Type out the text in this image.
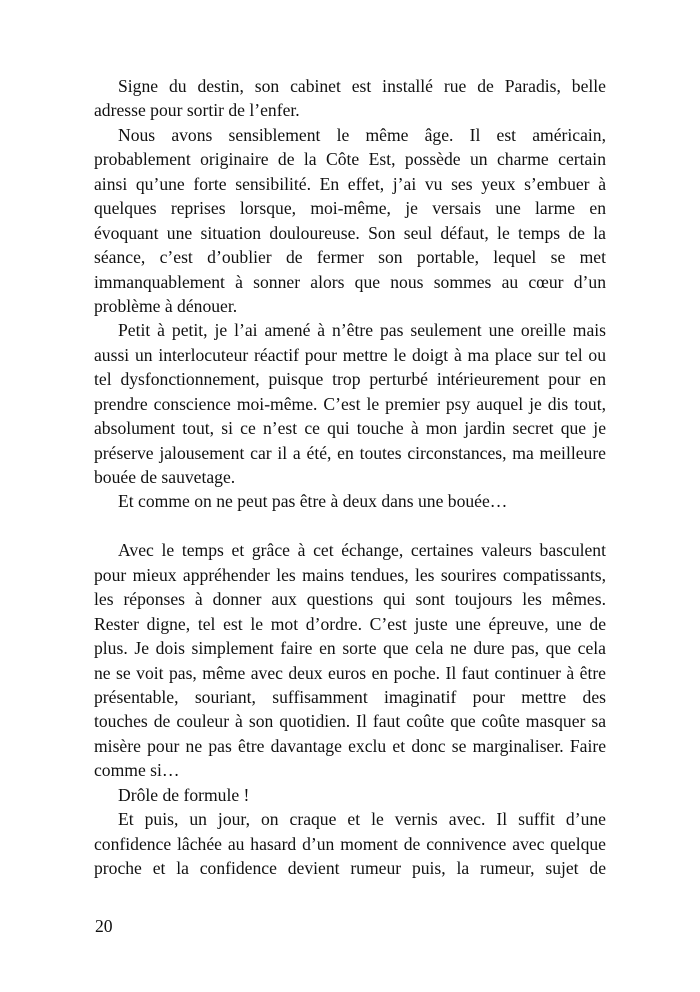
Signe du destin, son cabinet est installé rue de Paradis, belle
adresse pour sortir de l’enfer.
Nous avons sensiblement le même âge. Il est américain,
probablement originaire de la Côte Est, possède un charme certain
ainsi qu’une forte sensibilité. En effet, j’ai vu ses yeux s’embuer à
quelques reprises lorsque, moi-même, je versais une larme en
évoquant une situation douloureuse. Son seul défaut, le temps de la
séance, c’est d’oublier de fermer son portable, lequel se met
immanquablement à sonner alors que nous sommes au cœur d’un
problème à dénouer.
Petit à petit, je l’ai amené à n’être pas seulement une oreille mais
aussi un interlocuteur réactif pour mettre le doigt à ma place sur tel ou
tel dysfonctionnement, puisque trop perturbé intérieurement pour en
prendre conscience moi-même. C’est le premier psy auquel je dis tout,
absolument tout, si ce n’est ce qui touche à mon jardin secret que je
préserve jalousement car il a été, en toutes circonstances, ma meilleure
bouée de sauvetage.
Et comme on ne peut pas être à deux dans une bouée…
Avec le temps et grâce à cet échange, certaines valeurs basculent
pour mieux appréhender les mains tendues, les sourires compatissants,
les réponses à donner aux questions qui sont toujours les mêmes.
Rester digne, tel est le mot d’ordre. C’est juste une épreuve, une de
plus. Je dois simplement faire en sorte que cela ne dure pas, que cela
ne se voit pas, même avec deux euros en poche. Il faut continuer à être
présentable, souriant, suffisamment imaginatif pour mettre des
touches de couleur à son quotidien. Il faut coûte que coûte masquer sa
misère pour ne pas être davantage exclu et donc se marginaliser. Faire
comme si…
Drôle de formule !
Et puis, un jour, on craque et le vernis avec. Il suffit d’une
confidence lâchée au hasard d’un moment de connivence avec quelque
proche et la confidence devient rumeur puis, la rumeur, sujet de
20
